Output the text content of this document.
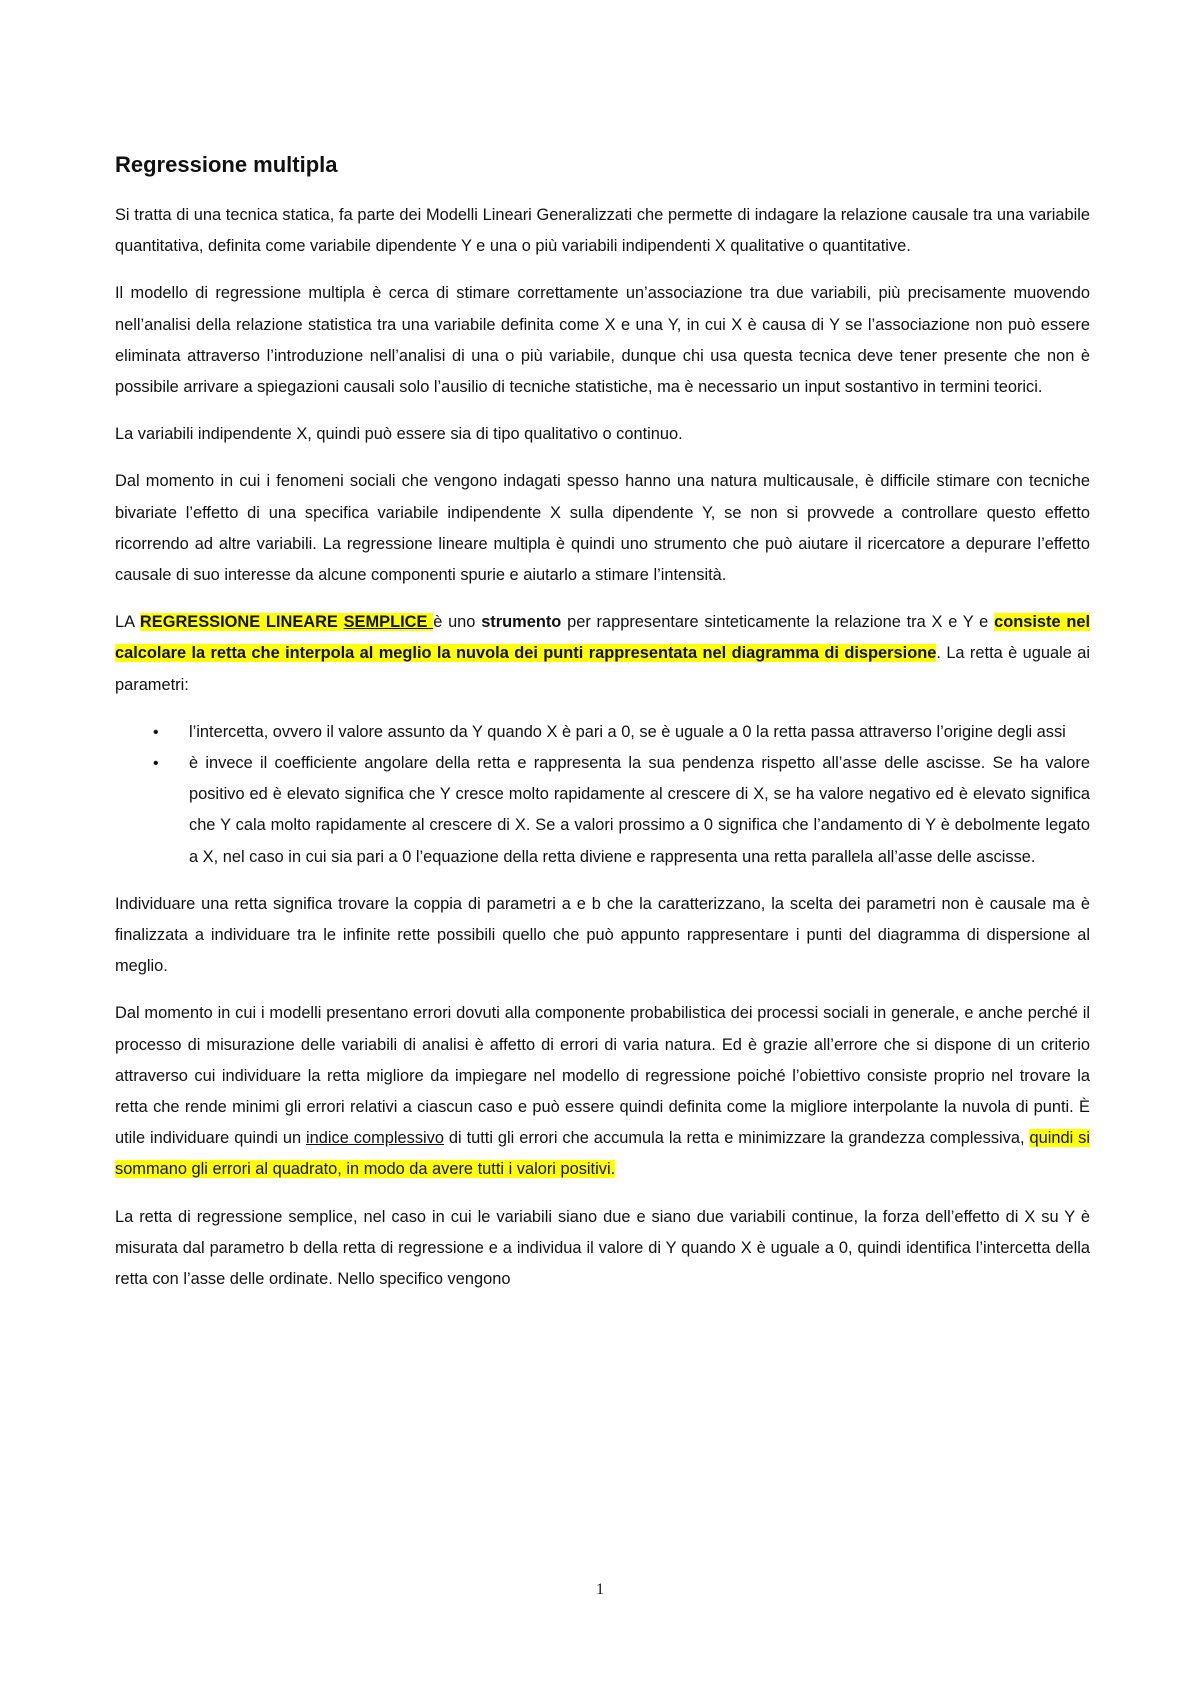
Regressione multipla

Si tratta di una tecnica statica, fa parte dei Modelli Lineari Generalizzati che permette di indagare la relazione causale tra una variabile quantitativa, definita come variabile dipendente Y e una o più variabili indipendenti X qualitative o quantitative.

Il modello di regressione multipla è cerca di stimare correttamente un’associazione tra due variabili, più precisamente muovendo nell’analisi della relazione statistica tra una variabile definita come X e una Y, in cui X è causa di Y se l’associazione non può essere eliminata attraverso l’introduzione nell’analisi di una o più variabile, dunque chi usa questa tecnica deve tener presente che non è possibile arrivare a spiegazioni causali solo l’ausilio di tecniche statistiche, ma è necessario un input sostantivo in termini teorici.

La variabili indipendente X, quindi può essere sia di tipo qualitativo o continuo.

Dal momento in cui i fenomeni sociali che vengono indagati spesso hanno una natura multicausale, è difficile stimare con tecniche bivariate l’effetto di una specifica variabile indipendente X sulla dipendente Y, se non si provvede a controllare questo effetto ricorrendo ad altre variabili. La regressione lineare multipla è quindi uno strumento che può aiutare il ricercatore a depurare l’effetto causale di suo interesse da alcune componenti spurie e aiutarlo a stimare l’intensità.

LA REGRESSIONE LINEARE SEMPLICE è uno strumento per rappresentare sinteticamente la relazione tra X e Y e consiste nel calcolare la retta che interpola al meglio la nuvola dei punti rappresentata nel diagramma di dispersione. La retta è uguale ai parametri:

• l’intercetta, ovvero il valore assunto da Y quando X è pari a 0, se è uguale a 0 la retta passa attraverso l’origine degli assi
• è invece il coefficiente angolare della retta e rappresenta la sua pendenza rispetto all’asse delle ascisse. Se ha valore positivo ed è elevato significa che Y cresce molto rapidamente al crescere di X, se ha valore negativo ed è elevato significa che Y cala molto rapidamente al crescere di X. Se a valori prossimo a 0 significa che l’andamento di Y è debolmente legato a X, nel caso in cui sia pari a 0 l’equazione della retta diviene e rappresenta una retta parallela all’asse delle ascisse.

Individuare una retta significa trovare la coppia di parametri a e b che la caratterizzano, la scelta dei parametri non è causale ma è finalizzata a individuare tra le infinite rette possibili quello che può appunto rappresentare i punti del diagramma di dispersione al meglio.

Dal momento in cui i modelli presentano errori dovuti alla componente probabilistica dei processi sociali in generale, e anche perché il processo di misurazione delle variabili di analisi è affetto di errori di varia natura. Ed è grazie all’errore che si dispone di un criterio attraverso cui individuare la retta migliore da impiegare nel modello di regressione poiché l’obiettivo consiste proprio nel trovare la retta che rende minimi gli errori relativi a ciascun caso e può essere quindi definita come la migliore interpolante la nuvola di punti. È utile individuare quindi un indice complessivo di tutti gli errori che accumula la retta e minimizzare la grandezza complessiva, quindi si sommano gli errori al quadrato, in modo da avere tutti i valori positivi.

La retta di regressione semplice, nel caso in cui le variabili siano due e siano due variabili continue, la forza dell’effetto di X su Y è misurata dal parametro b della retta di regressione e a individua il valore di Y quando X è uguale a 0, quindi identifica l’intercetta della retta con l’asse delle ordinate. Nello specifico vengono

1
